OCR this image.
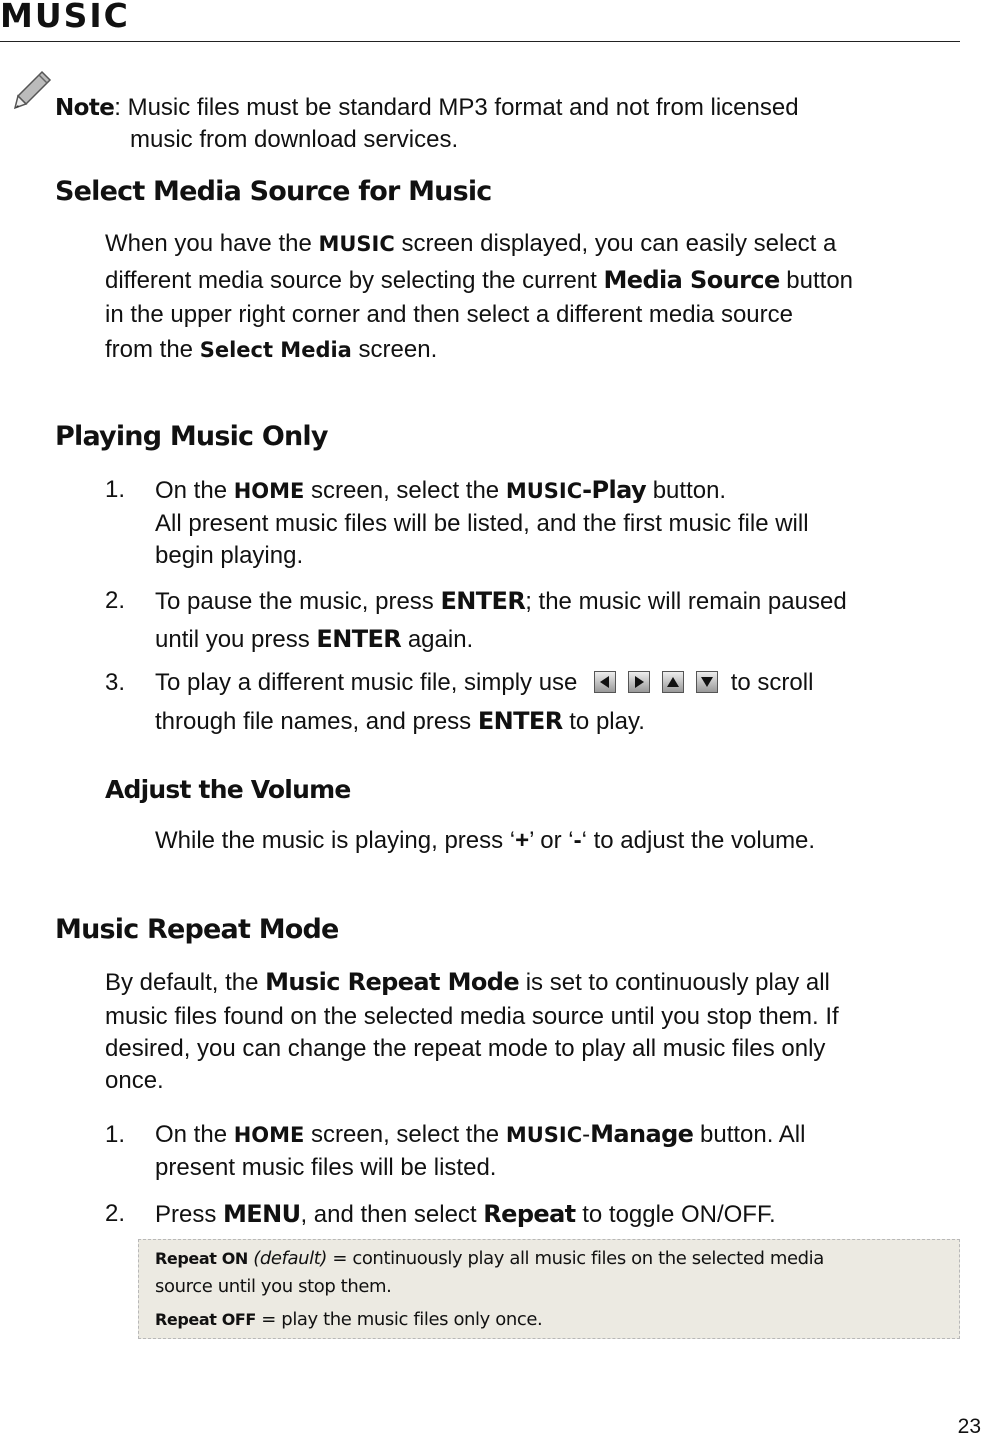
MUSIC
Note: Music files must be standard MP3 format and not from licensed
music from download services.
Select Media Source for Music
When you have the MUSIC screen displayed, you can easily select a
different media source by selecting the current Media Source button
in the upper right corner and then select a different media source
from the Select Media screen.
Playing Music Only
1. On the HOME screen, select the MUSIC-Play button.
All present music files will be listed, and the first music file will
begin playing.
2. To pause the music, press ENTER; the music will remain paused
until you press ENTER again.
3. To play a different music file, simply use	to scroll
through file names, and press ENTER to play.
Adjust the Volume
While the music is playing, press ‘+’ or ‘-‘ to adjust the volume.
Music Repeat Mode
By default, the Music Repeat Mode is set to continuously play all
music files found on the selected media source until you stop them. If
desired, you can change the repeat mode to play all music files only
once.
1. On the HOME screen, select the MUSIC-Manage button. All
present music files will be listed.
2. Press MENU, and then select Repeat to toggle ON/OFF.
Repeat ON (default) = continuously play all music files on the selected media
source until you stop them.
Repeat OFF = play the music files only once.
23
